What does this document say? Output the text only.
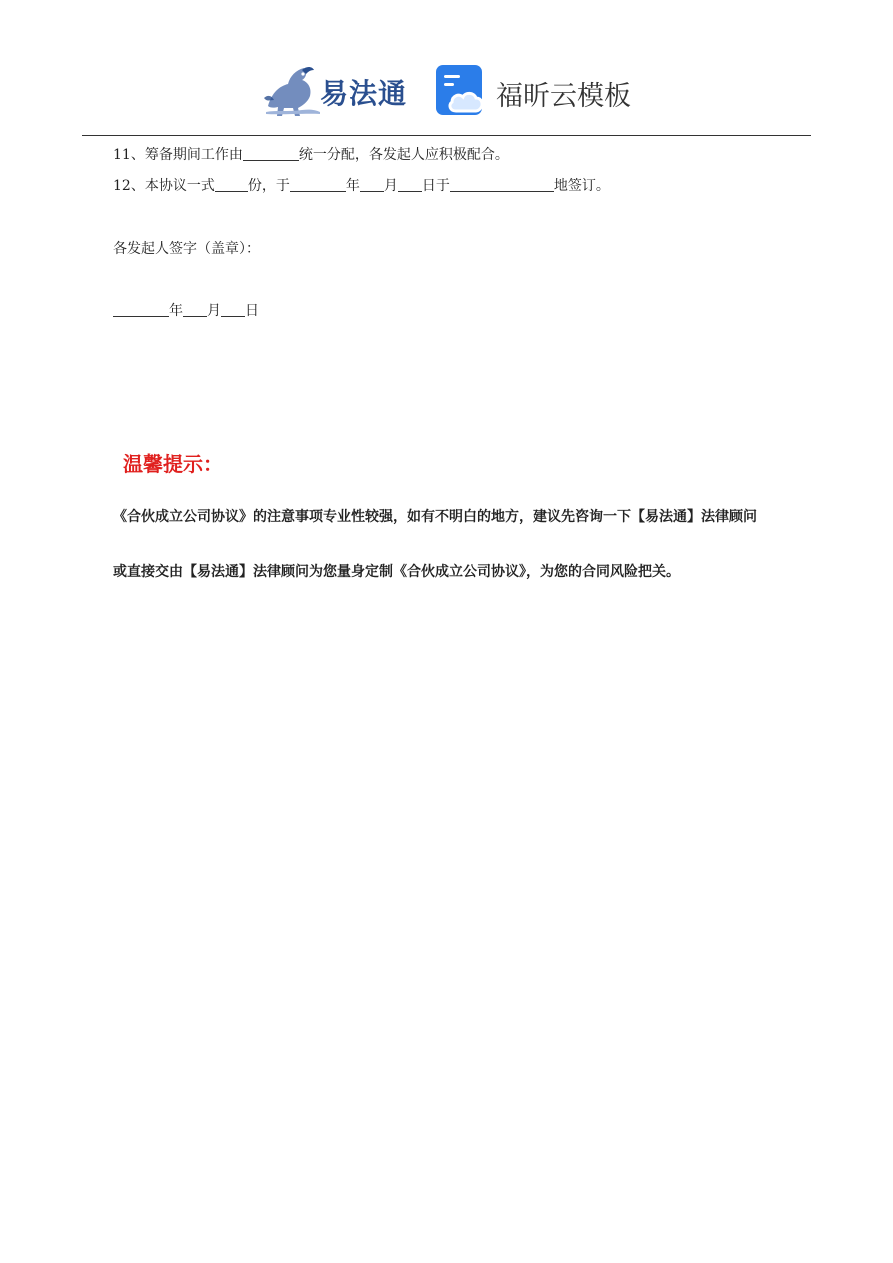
易法通	福昕云模板
11、筹备期间工作由	统一分配，各发起人应积极配合。
12、本协议一式 份，于	年 月 日于	地签订。
各发起人签字（盖章）：
年 月 日
温馨提示：
《合伙成立公司协议》的注意事项专业性较强，如有不明白的地方，建议先咨询一下【易法通】法律顾问
或直接交由【易法通】法律顾问为您量身定制《合伙成立公司协议》，为您的合同风险把关。
